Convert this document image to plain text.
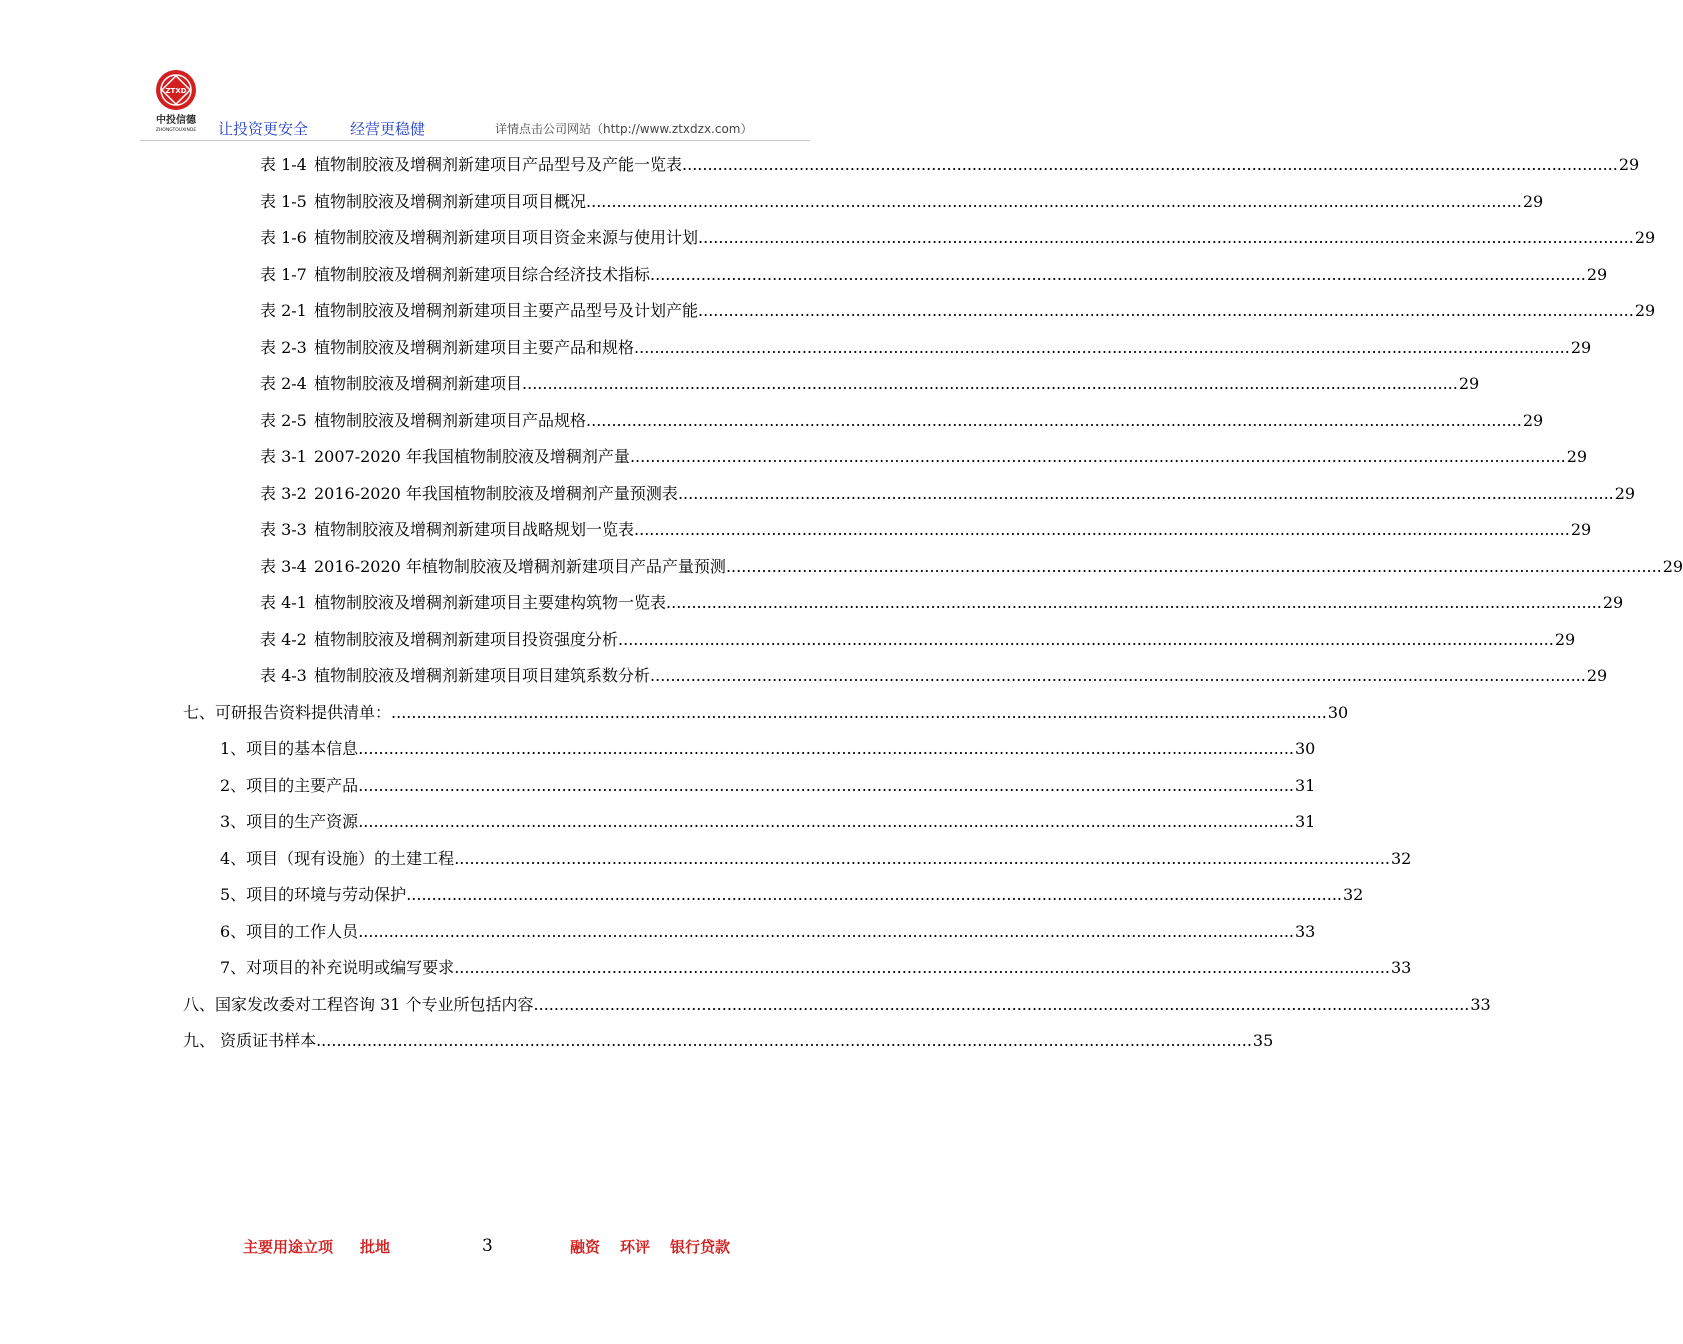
ZTXD
中投信德
ZHONGTOUXINDE 让投资更安全	经营更稳健	详情点击公司网站（http://www.ztxdzx.com）
表 1-4 植物制胶液及增稠剂新建项目产品型号及产能一览表 .....	29
表 1-5 植物制胶液及增稠剂新建项目项目概况 .....	29
表 1-6 植物制胶液及增稠剂新建项目项目资金来源与使用计划 .....	29
表 1-7 植物制胶液及增稠剂新建项目综合经济技术指标 .....	29
表 2-1 植物制胶液及增稠剂新建项目主要产品型号及计划产能 .....	29
表 2-3 植物制胶液及增稠剂新建项目主要产品和规格 .....	29
表 2-4 植物制胶液及增稠剂新建项目 .....	29
表 2-5 植物制胶液及增稠剂新建项目产品规格 .....	29
表 3-1 2007-2020 年我国植物制胶液及增稠剂产量 .....	29
表 3-2 2016-2020 年我国植物制胶液及增稠剂产量预测表 .....	29
表 3-3 植物制胶液及增稠剂新建项目战略规划一览表 .....	29
表 3-4 2016-2020 年植物制胶液及增稠剂新建项目产品产量预测 .....	29
表 4-1 植物制胶液及增稠剂新建项目主要建构筑物一览表 .....	29
表 4-2 植物制胶液及增稠剂新建项目投资强度分析 .....	29
表 4-3 植物制胶液及增稠剂新建项目项目建筑系数分析 .....	29
七、可研报告资料提供清单： .....	30
1、项目的基本信息 .....	30
2、项目的主要产品 .....	31
3、项目的生产资源 .....	31
4、项目（现有设施）的土建工程 .....	32
5、项目的环境与劳动保护 .....	32
6、项目的工作人员 .....	33
7、对项目的补充说明或编写要求 .....	33
八、国家发改委对工程咨询 31 个专业所包括内容 .....	33
九、 资质证书样本 .....	35
主要用途立项 批地	3	融资 环评 银行贷款
